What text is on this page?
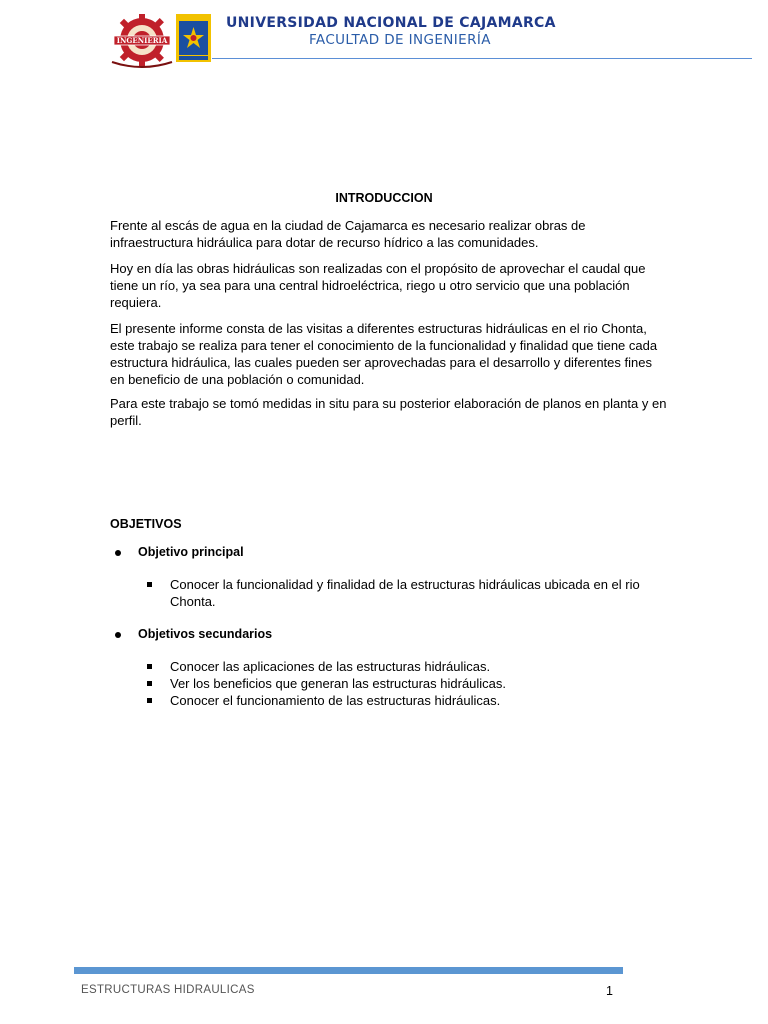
INGENIERIA
UNIVERSIDAD NACIONAL DE CAJAMARCA
FACULTAD DE INGENIERÍA
INTRODUCCION
Frente al escás de agua en la ciudad de Cajamarca es necesario realizar obras de infraestructura hidráulica para dotar de recurso hídrico a las comunidades.
Hoy en día las obras hidráulicas son realizadas con el propósito de aprovechar el caudal que tiene un río, ya sea para una central hidroeléctrica, riego u otro servicio que una población requiera.
El presente informe consta de las visitas a diferentes estructuras hidráulicas en el rio Chonta, este trabajo se realiza para tener el conocimiento de la funcionalidad y finalidad que tiene cada estructura hidráulica, las cuales pueden ser aprovechadas para el desarrollo y diferentes fines en beneficio de una población o comunidad.
Para este trabajo se tomó medidas in situ para su posterior elaboración de planos en planta y en perfil.
OBJETIVOS
Objetivo principal
Conocer la funcionalidad y finalidad de la estructuras hidráulicas ubicada en el rio Chonta.
Objetivos secundarios
Conocer las aplicaciones de las estructuras hidráulicas.
Ver los beneficios que generan las estructuras hidráulicas.
Conocer el funcionamiento de las estructuras hidráulicas.
ESTRUCTURAS HIDRAULICAS	1
